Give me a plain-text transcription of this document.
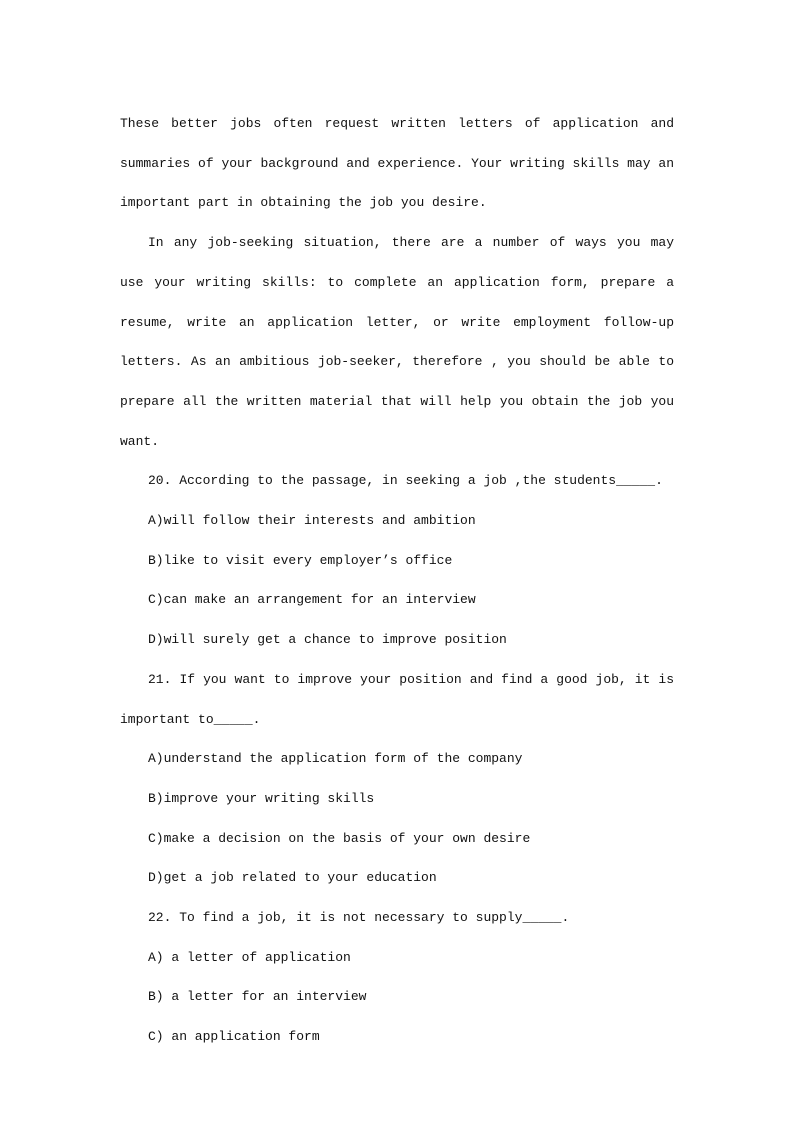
These better jobs often request written letters of application and summaries of your background and experience. Your writing skills may an important part in obtaining the job you desire.

In any job-seeking situation, there are a number of ways you may use your writing skills: to complete an application form, prepare a resume, write an application letter, or write employment follow-up letters. As an ambitious job-seeker, therefore , you should be able to prepare all the written material that will help you obtain the job you want.

20. According to the passage, in seeking a job ,the students_____.

A)will follow their interests and ambition

B)like to visit every employer’s office

C)can make an arrangement for an interview

D)will surely get a chance to improve position

21. If you want to improve your position and find a good job, it is important to_____.

A)understand the application form of the company

B)improve your writing skills

C)make a decision on the basis of your own desire

D)get a job related to your education

22. To find a job, it is not necessary to supply_____.

A) a letter of application

B) a letter for an interview

C) an application form
